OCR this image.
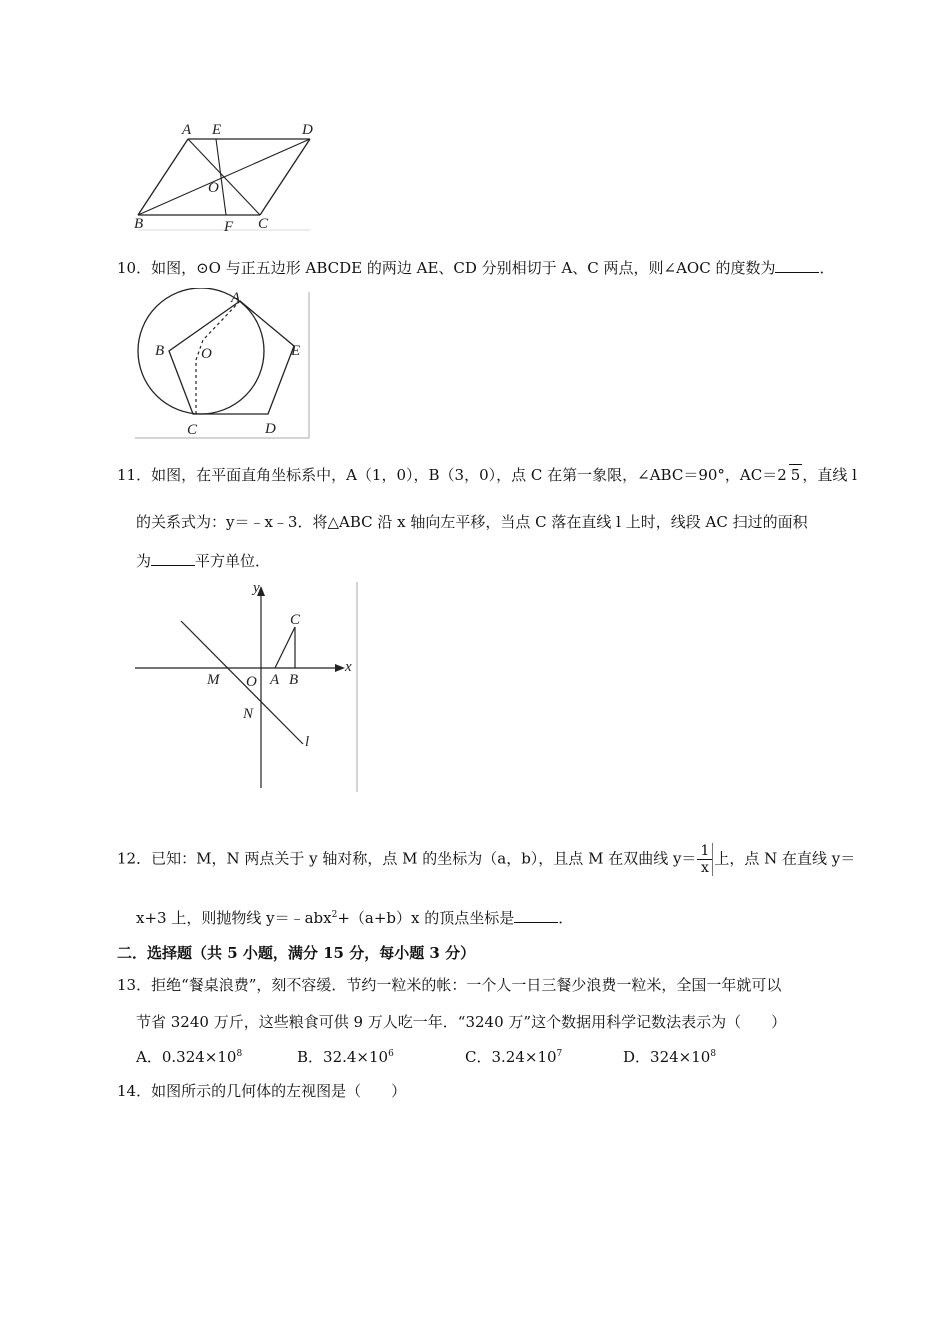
A E	D
O
B	F C
10．如图，⊙O 与正五边形 ABCDE 的两边 AE、CD 分别相切于 A、C 两点，则∠AOC 的度数为	．
A
B O	E
C	D
11．如图，在平面直角坐标系中，A（1，0），B（3，0），点 C 在第一象限，∠ABC＝90°，AC＝2 5 ，直线 l
的关系式为：y＝﹣x﹣3．将△ABC 沿 x 轴向左平移，当点 C 落在直线 l 上时，线段 AC 扫过的面积
为	平方单位．
y
x
C
M O A B
N
l
12．已知：M，N 两点关于 y 轴对称，点 M 的坐标为（a，b），且点 M 在双曲线 $y= \frac{1}{x}$ 上，点 N 在直线 y＝
x+3 上，则抛物线 y＝﹣abx$^2$+（a+b）x 的顶点坐标是	．
二．选择题（共 5 小题，满分 15 分，每小题 3 分）
13．拒绝“餐桌浪费”，刻不容缓．节约一粒米的帐：一个人一日三餐少浪费一粒米，全国一年就可以
节省 3240 万斤，这些粮食可供 9 万人吃一年．“3240 万”这个数据用科学记数法表示为（　　）
A．$0.324\times 10^8$	B．$32.4\times 10^6$	C．$3.24\times 10^7$	D．$324\times 10^8$
14．如图所示的几何体的左视图是（　　）
